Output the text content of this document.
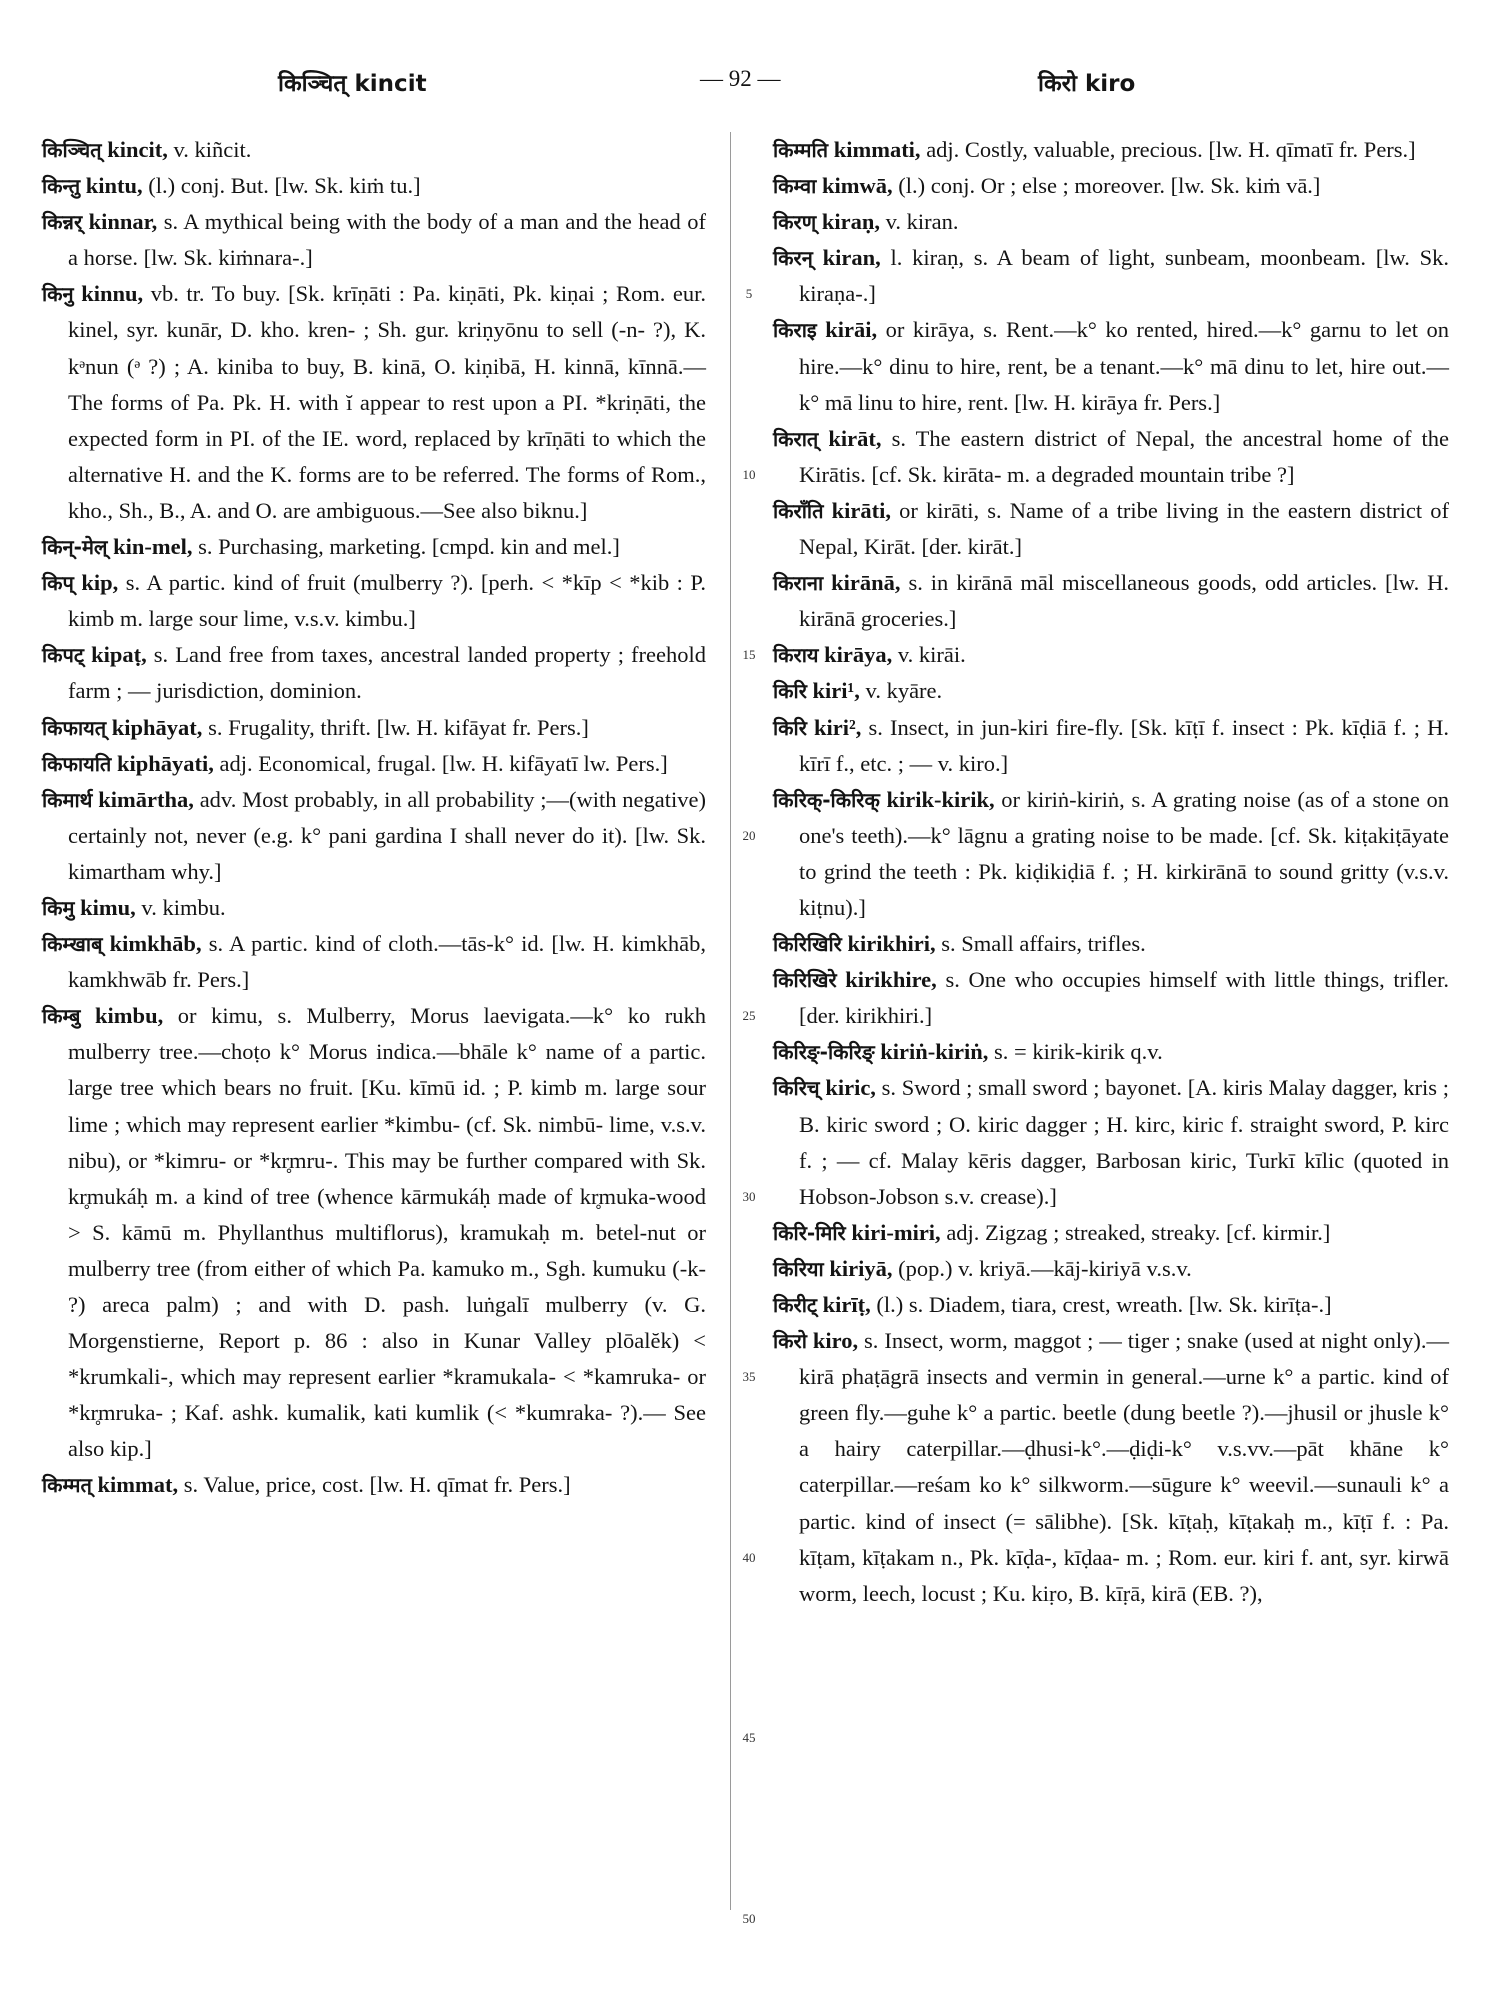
किञ्चित् kincit	— 92 —	किरो kiro

किञ्चित् kincit, v. kiñcit.

किन्तु kintu, (l.) conj. But. [lw. Sk. kiṁ tu.]

किन्नर् kinnar, s. A mythical being with the body of a man and the head of a horse. [lw. Sk. kiṁnara-.]

किनु kinnu, vb. tr. To buy. [Sk. krīṇāti : Pa. kiṇāti, Pk. kiṇai ; Rom. eur. kinel, syr. kunār, D. kho. kren- ; Sh. gur. kriṇyōnu to sell (-n- ?), K. kᵊnun (ᵊ ?) ; A. kiniba to buy, B. kinā, O. kiṇibā, H. kinnā, kīnnā.— The forms of Pa. Pk. H. with ĭ appear to rest upon a PI. *kriṇāti, the expected form in PI. of the IE. word, replaced by krīṇāti to which the alternative H. and the K. forms are to be referred. The forms of Rom., kho., Sh., B., A. and O. are ambiguous.—See also biknu.]

किन्-मेल् kin-mel, s. Purchasing, marketing. [cmpd. kin and mel.]

किप् kip, s. A partic. kind of fruit (mulberry ?). [perh. < *kīp < *kib : P. kimb m. large sour lime, v.s.v. kimbu.]

किपट् kipaṭ, s. Land free from taxes, ancestral landed property ; freehold farm ; — jurisdiction, dominion.

किफायत् kiphāyat, s. Frugality, thrift. [lw. H. kifāyat fr. Pers.]

किफायति kiphāyati, adj. Economical, frugal. [lw. H. kifāyatī lw. Pers.]

किमार्थ kimārtha, adv. Most probably, in all probability ;—(with negative) certainly not, never (e.g. k° pani gardina I shall never do it). [lw. Sk. kimartham why.]

किमु kimu, v. kimbu.

किम्खाब् kimkhāb, s. A partic. kind of cloth.—tās-k° id. [lw. H. kimkhāb, kamkhwāb fr. Pers.]

किम्बु kimbu, or kimu, s. Mulberry, Morus laevigata.—k° ko rukh mulberry tree.—choṭo k° Morus indica.—bhāle k° name of a partic. large tree which bears no fruit. [Ku. kīmū id. ; P. kimb m. large sour lime ; which may represent earlier *kimbu- (cf. Sk. nimbū- lime, v.s.v. nibu), or *kimru- or *kr̥mru-. This may be further compared with Sk. kr̥mukáḥ m. a kind of tree (whence kārmukáḥ made of kr̥muka-wood > S. kāmū m. Phyllanthus multiflorus), kramukaḥ m. betel-nut or mulberry tree (from either of which Pa. kamuko m., Sgh. kumuku (-k- ?) areca palm) ; and with D. pash. luṅgalī mulberry (v. G. Morgenstierne, Report p. 86 : also in Kunar Valley plōalĕk) < *krumkali-, which may represent earlier *kramukala- < *kamruka- or *kr̥mruka- ; Kaf. ashk. kumalik, kati kumlik (< *kumraka- ?).— See also kip.]

किम्मत् kimmat, s. Value, price, cost. [lw. H. qīmat fr. Pers.]

किम्मति kimmati, adj. Costly, valuable, precious. [lw. H. qīmatī fr. Pers.]

किम्वा kimwā, (l.) conj. Or ; else ; moreover. [lw. Sk. kiṁ vā.]

किरण् kiraṇ, v. kiran.

किरन् kiran, l. kiraṇ, s. A beam of light, sunbeam, moonbeam. [lw. Sk. kiraṇa-.]

किराइ kirāi, or kirāya, s. Rent.—k° ko rented, hired.—k° garnu to let on hire.—k° dinu to hire, rent, be a tenant.—k° mā dinu to let, hire out.—k° mā linu to hire, rent. [lw. H. kirāya fr. Pers.]

किरात् kirāt, s. The eastern district of Nepal, the ancestral home of the Kirātis. [cf. Sk. kirāta- m. a degraded mountain tribe ?]

किराँति kirāti, or kirāti, s. Name of a tribe living in the eastern district of Nepal, Kirāt. [der. kirāt.]

किराना kirānā, s. in kirānā māl miscellaneous goods, odd articles. [lw. H. kirānā groceries.]

किराय kirāya, v. kirāi.

किरि kiri¹, v. kyāre.

किरि kiri², s. Insect, in jun-kiri fire-fly. [Sk. kīṭī f. insect : Pk. kīḍiā f. ; H. kīrī f., etc. ; — v. kiro.]

किरिक्-किरिक् kirik-kirik, or kiriṅ-kiriṅ, s. A grating noise (as of a stone on one's teeth).—k° lāgnu a grating noise to be made. [cf. Sk. kiṭakiṭāyate to grind the teeth : Pk. kiḍikiḍiā f. ; H. kirkirānā to sound gritty (v.s.v. kiṭnu).]

किरिखिरि kirikhiri, s. Small affairs, trifles.

किरिखिरे kirikhire, s. One who occupies himself with little things, trifler. [der. kirikhiri.]

किरिङ्-किरिङ् kiriṅ-kiriṅ, s. = kirik-kirik q.v.

किरिच् kiric, s. Sword ; small sword ; bayonet. [A. kiris Malay dagger, kris ; B. kiric sword ; O. kiric dagger ; H. kirc, kiric f. straight sword, P. kirc f. ; — cf. Malay kēris dagger, Barbosan kiric, Turkī kīlic (quoted in Hobson-Jobson s.v. crease).]

किरि-मिरि kiri-miri, adj. Zigzag ; streaked, streaky. [cf. kirmir.]

किरिया kiriyā, (pop.) v. kriyā.—kāj-kiriyā v.s.v.

किरीट् kirīṭ, (l.) s. Diadem, tiara, crest, wreath. [lw. Sk. kirīṭa-.]

किरो kiro, s. Insect, worm, maggot ; — tiger ; snake (used at night only).—kirā phaṭāgrā insects and vermin in general.—urne k° a partic. kind of green fly.—guhe k° a partic. beetle (dung beetle ?).—jhusil or jhusle k° a hairy caterpillar.—ḍhusi-k°.—ḍiḍi-k° v.s.vv.—pāt khāne k° caterpillar.—reśam ko k° silkworm.—sūgure k° weevil.—sunauli k° a partic. kind of insect (= sālibhe). [Sk. kīṭaḥ, kīṭakaḥ m., kīṭī f. : Pa. kīṭam, kīṭakam n., Pk. kīḍa-, kīḍaa- m. ; Rom. eur. kiri f. ant, syr. kirwā worm, leech, locust ; Ku. kiṛo, B. kīṛā, kirā (EB. ?),

5
10
15
20
25
30
35
40
45
50
